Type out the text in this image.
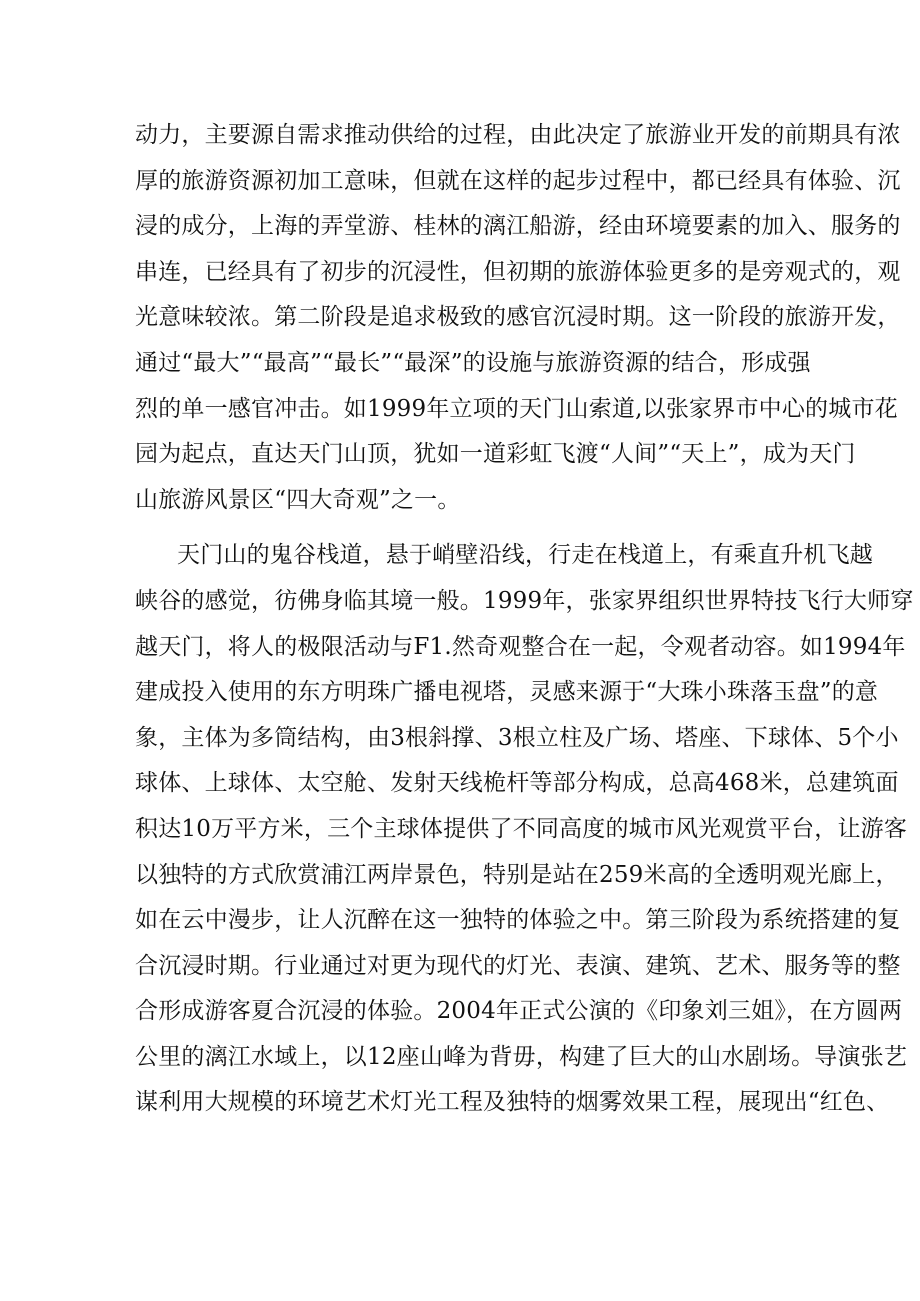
动力，主要源自需求推动供给的过程，由此决定了旅游业开发的前期具有浓
厚的旅游资源初加工意味，但就在这样的起步过程中，都已经具有体验、沉
浸的成分，上海的弄堂游、桂林的漓江船游，经由环境要素的加入、服务的
串连，已经具有了初步的沉浸性，但初期的旅游体验更多的是旁观式的，观
光意味较浓。第二阶段是追求极致的感官沉浸时期。这一阶段的旅游开发，
通过“最大”“最高”“最长”“最深”的设施与旅游资源的结合，形成强
烈的单一感官冲击。如1999年立项的天门山索道,以张家界市中心的城市花
园为起点，直达天门山顶，犹如一道彩虹飞渡“人间”“天上”，成为天门
山旅游风景区“四大奇观”之一。

天门山的鬼谷栈道，悬于峭壁沿线，行走在栈道上，有乘直升机飞越
峡谷的感觉，彷佛身临其境一般。1999年，张家界组织世界特技飞行大师穿
越天门，将人的极限活动与F1.然奇观整合在一起，令观者动容。如1994年
建成投入使用的东方明珠广播电视塔，灵感来源于“大珠小珠落玉盘”的意
象，主体为多筒结构，由3根斜撑、3根立柱及广场、塔座、下球体、5个小
球体、上球体、太空舱、发射天线桅杆等部分构成，总高468米，总建筑面
积达10万平方米，三个主球体提供了不同高度的城市风光观赏平台，让游客
以独特的方式欣赏浦江两岸景色，特别是站在259米高的全透明观光廊上，
如在云中漫步，让人沉醉在这一独特的体验之中。第三阶段为系统搭建的复
合沉浸时期。行业通过对更为现代的灯光、表演、建筑、艺术、服务等的整
合形成游客夏合沉浸的体验。2004年正式公演的《印象刘三姐》，在方圆两
公里的漓江水域上，以12座山峰为背毋，构建了巨大的山水剧场。导演张艺
谋利用大规模的环境艺术灯光工程及独特的烟雾效果工程，展现出“红色、
